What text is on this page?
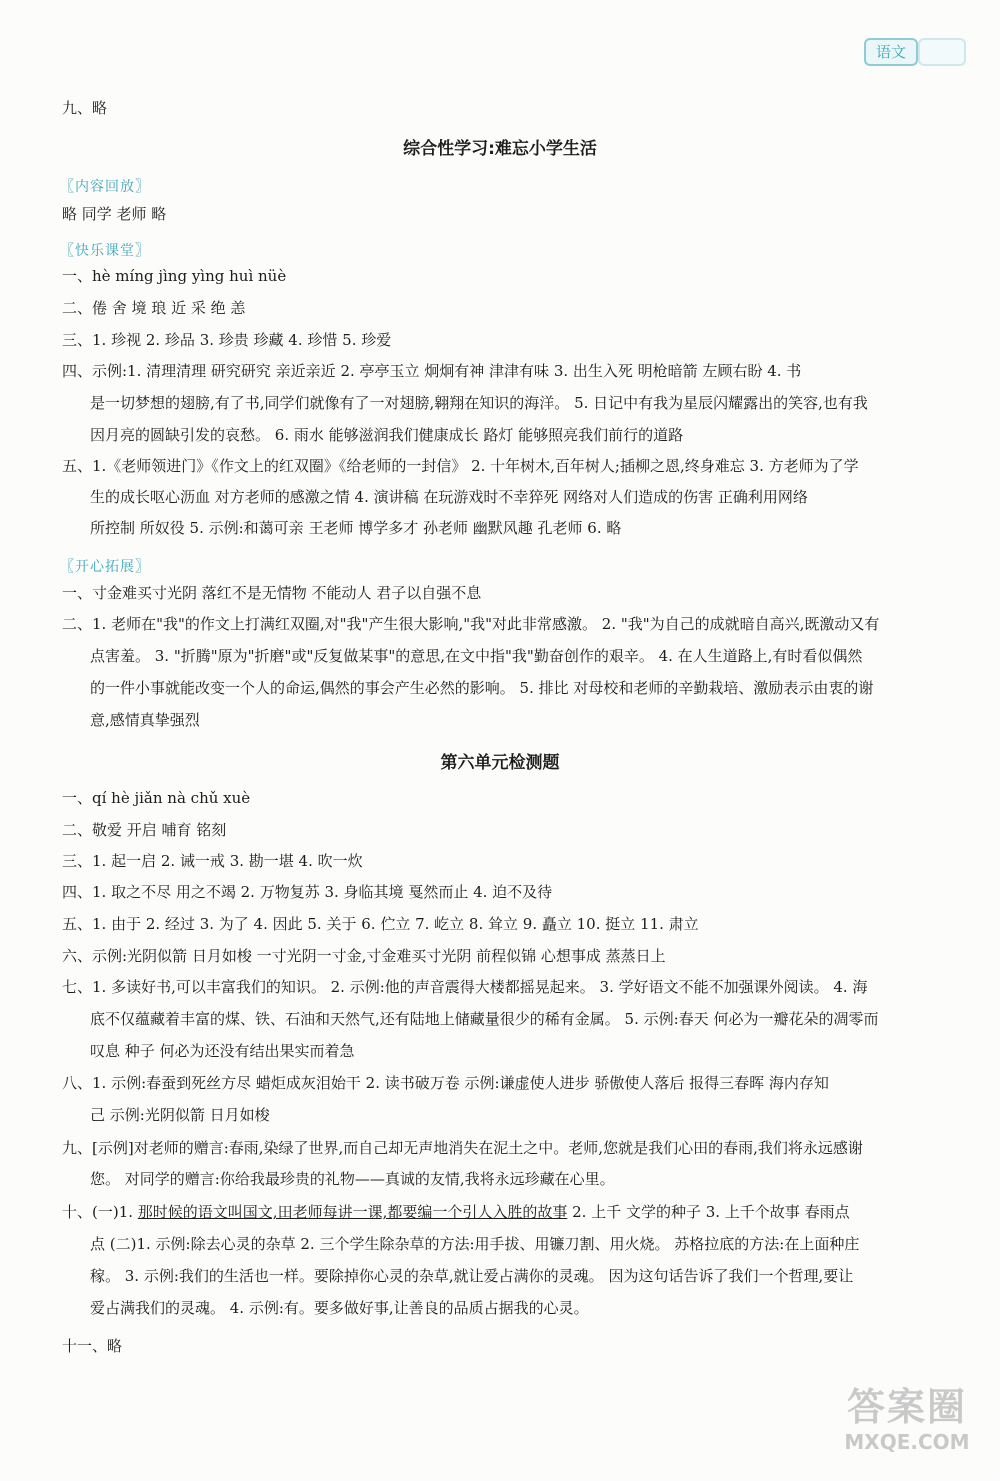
语文
九、略
综合性学习:难忘小学生活
〖内容回放〗
略 同学 老师 略
〖快乐课堂〗
一、hè míng jìng yìng huì nüè
二、倦 舍 境 琅 近 采 绝 恙
三、1. 珍视 2. 珍品 3. 珍贵 珍藏 4. 珍惜 5. 珍爱
四、示例:1. 清理清理 研究研究 亲近亲近 2. 亭亭玉立 炯炯有神 津津有味 3. 出生入死 明枪暗箭 左顾右盼 4. 书
是一切梦想的翅膀,有了书,同学们就像有了一对翅膀,翱翔在知识的海洋。 5. 日记中有我为星辰闪耀露出的笑容,也有我
因月亮的圆缺引发的哀愁。 6. 雨水 能够滋润我们健康成长 路灯 能够照亮我们前行的道路
五、1.《老师领进门》《作文上的红双圈》《给老师的一封信》 2. 十年树木,百年树人;插柳之恩,终身难忘 3. 方老师为了学
生的成长呕心沥血 对方老师的感激之情 4. 演讲稿 在玩游戏时不幸猝死 网络对人们造成的伤害 正确利用网络
所控制 所奴役 5. 示例:和蔼可亲 王老师 博学多才 孙老师 幽默风趣 孔老师 6. 略
〖开心拓展〗
一、寸金难买寸光阴 落红不是无情物 不能动人 君子以自强不息
二、1. 老师在"我"的作文上打满红双圈,对"我"产生很大影响,"我"对此非常感激。 2. "我"为自己的成就暗自高兴,既激动又有
点害羞。 3. "折腾"原为"折磨"或"反复做某事"的意思,在文中指"我"勤奋创作的艰辛。 4. 在人生道路上,有时看似偶然
的一件小事就能改变一个人的命运,偶然的事会产生必然的影响。 5. 排比 对母校和老师的辛勤栽培、激励表示由衷的谢
意,感情真挚强烈
第六单元检测题
一、qí hè jiǎn nà chǔ xuè
二、敬爱 开启 哺育 铭刻
三、1. 起一启 2. 诫一戒 3. 勘一堪 4. 吹一炊
四、1. 取之不尽 用之不竭 2. 万物复苏 3. 身临其境 戛然而止 4. 迫不及待
五、1. 由于 2. 经过 3. 为了 4. 因此 5. 关于 6. 伫立 7. 屹立 8. 耸立 9. 矗立 10. 挺立 11. 肃立
六、示例:光阴似箭 日月如梭 一寸光阴一寸金,寸金难买寸光阴 前程似锦 心想事成 蒸蒸日上
七、1. 多读好书,可以丰富我们的知识。 2. 示例:他的声音震得大楼都摇晃起来。 3. 学好语文不能不加强课外阅读。 4. 海
底不仅蕴藏着丰富的煤、铁、石油和天然气,还有陆地上储藏量很少的稀有金属。 5. 示例:春天 何必为一瓣花朵的凋零而
叹息 种子 何必为还没有结出果实而着急
八、1. 示例:春蚕到死丝方尽 蜡炬成灰泪始干 2. 读书破万卷 示例:谦虚使人进步 骄傲使人落后 报得三春晖 海内存知
己 示例:光阴似箭 日月如梭
九、[示例]对老师的赠言:春雨,染绿了世界,而自己却无声地消失在泥土之中。老师,您就是我们心田的春雨,我们将永远感谢
您。 对同学的赠言:你给我最珍贵的礼物——真诚的友情,我将永远珍藏在心里。
十、(一)1. 那时候的语文叫国文,田老师每讲一课,都要编一个引人入胜的故事 2. 上千 文学的种子 3. 上千个故事 春雨点
点 (二)1. 示例:除去心灵的杂草 2. 三个学生除杂草的方法:用手拔、用镰刀割、用火烧。 苏格拉底的方法:在上面种庄
稼。 3. 示例:我们的生活也一样。要除掉你心灵的杂草,就让爱占满你的灵魂。 因为这句话告诉了我们一个哲理,要让
爱占满我们的灵魂。 4. 示例:有。要多做好事,让善良的品质占据我的心灵。
十一、略
答案圈
MXQE.COM
